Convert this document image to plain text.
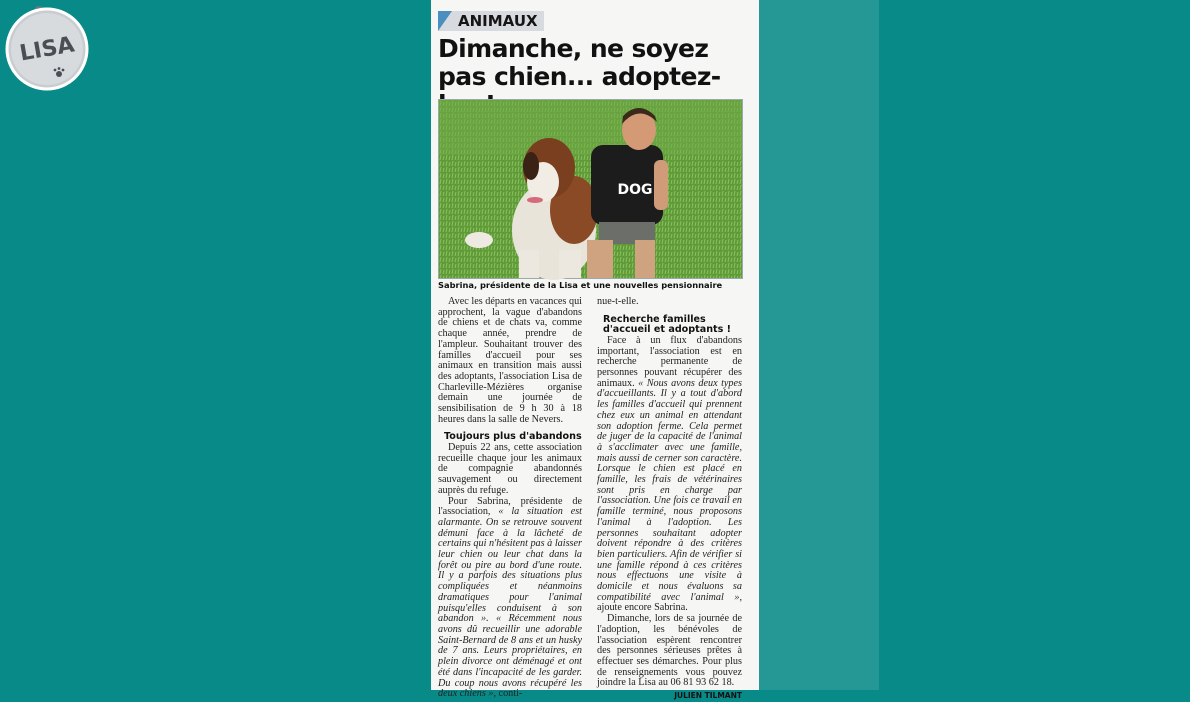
LISA
ANIMAUX
Dimanche, ne soyez pas chien... adoptez-
DOG
Sabrina, présidente de la Lisa et une nouvelles pensionnaire

Avec les départs en vacances qui approchent, la vague d'abandons de chiens et de chats va, comme chaque année, prendre de l'ampleur. Souhaitant trouver des familles d'accueil pour ses animaux en transition mais aussi des adoptants, l'association Lisa de Charleville-Mézières organise demain une journée de sensibilisation de 9 h 30 à 18 heures dans la salle de Nevers.

Toujours plus d'abandons

Depuis 22 ans, cette association recueille chaque jour les animaux de compagnie abandonnés sauvagement ou directement auprès du refuge.

Pour Sabrina, présidente de l'association, « la situation est alarmante. On se retrouve souvent démuni face à la lâcheté de certains qui n'hésitent pas à laisser leur chien ou leur chat dans la forêt ou pire au bord d'une route. Il y a parfois des situations plus compliquées et néanmoins dramatiques pour l'animal puisqu'elles conduisent à son abandon ». « Récemment nous avons dû recueillir une adorable Saint-Bernard de 8 ans et un husky de 7 ans. Leurs propriétaires, en plein divorce ont déménagé et ont été dans l'incapacité de les garder. Du coup nous avons récupéré les deux chiens », conti-

nue-t-elle.

Recherche familles d'accueil et adoptants !

Face à un flux d'abandons important, l'association est en recherche permanente de personnes pouvant récupérer des animaux. « Nous avons deux types d'accueillants. Il y a tout d'abord les familles d'accueil qui prennent chez eux un animal en attendant son adoption ferme. Cela permet de juger de la capacité de l'animal à s'acclimater avec une famille, mais aussi de cerner son caractère. Lorsque le chien est placé en famille, les frais de vétérinaires sont pris en charge par l'association. Une fois ce travail en famille terminé, nous proposons l'animal à l'adoption. Les personnes souhaitant adopter doivent répondre à des critères bien particuliers. Afin de vérifier si une famille répond à ces critères nous effectuons une visite à domicile et nous évaluons sa compatibilité avec l'animal », ajoute encore Sabrina.

Dimanche, lors de sa journée de l'adoption, les bénévoles de l'association espèrent rencontrer des personnes sérieuses prêtes à effectuer ses démarches. Pour plus de renseignements vous pouvez joindre la Lisa au 06 81 93 62 18.

JULIEN TILMANT
